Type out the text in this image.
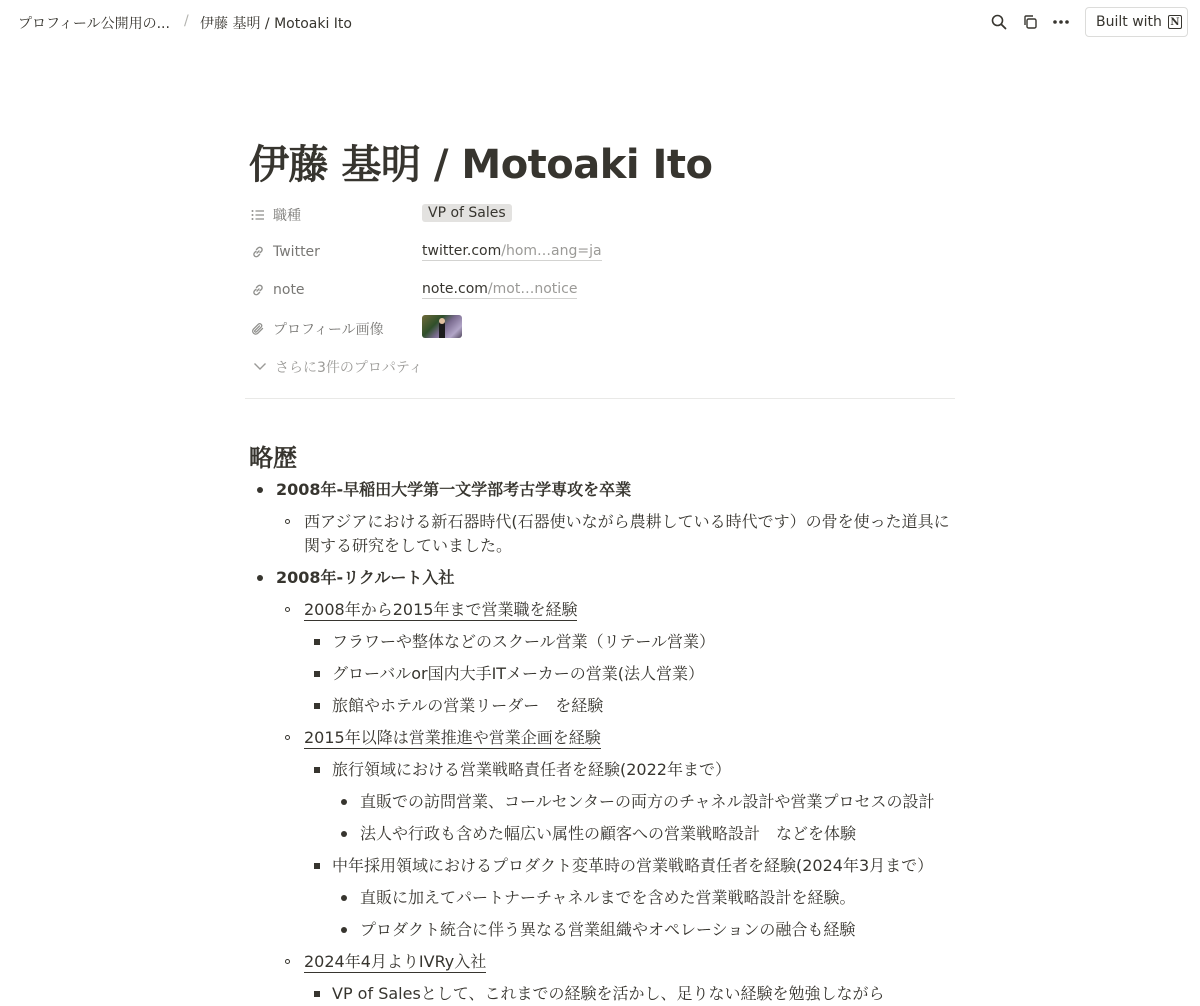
プロフィール公開用の... / 伊藤 基明 / Motoaki Ito	Built with N
伊藤 基明 / Motoaki Ito
職種	VP of Sales
Twitter	twitter.com/hom…ang=ja
note	note.com/mot…notice
プロフィール画像
さらに3件のプロパティ
略歴
2008年-早稲田大学第一文学部考古学専攻を卒業
西アジアにおける新石器時代(石器使いながら農耕している時代です）の骨を使った道具に関する研究をしていました。
2008年-リクルート入社
2008年から2015年まで営業職を経験
フラワーや整体などのスクール営業（リテール営業）
グローバルor国内大手ITメーカーの営業(法人営業）
旅館やホテルの営業リーダー　を経験
2015年以降は営業推進や営業企画を経験
旅行領域における営業戦略責任者を経験(2022年まで）
直販での訪問営業、コールセンターの両方のチャネル設計や営業プロセスの設計
法人や行政も含めた幅広い属性の顧客への営業戦略設計　などを体験
中年採用領域におけるプロダクト変革時の営業戦略責任者を経験(2024年3月まで）
直販に加えてパートナーチャネルまでを含めた営業戦略設計を経験。
プロダクト統合に伴う異なる営業組織やオペレーションの融合も経験
2024年4月よりIVRy入社
VP of Salesとして、これまでの経験を活かし、足りない経験を勉強しながら
